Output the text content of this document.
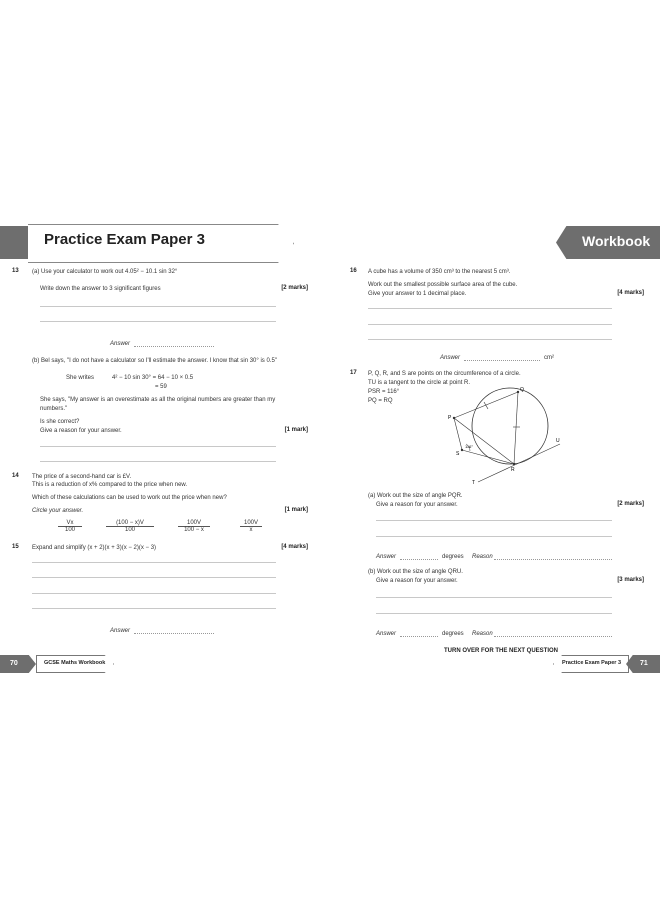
Practice Exam Paper 3	Workbook
13 (a) Use your calculator to work out 4.05² − 10.1 sin 32°
Write down the answer to 3 significant figures	[2 marks]
Answer
(b) Bel says, "I do not have a calculator so I'll estimate the answer. I know that sin 30° is 0.5"
She writes	4² − 10 sin 30° = 64 − 10 × 0.5
= 59
She says, "My answer is an overestimate as all the original numbers are greater than my
numbers."
Is she correct?
Give a reason for your answer.	[1 mark]
14 The price of a second-hand car is £V.
This is a reduction of x% compared to the price when new.
Which of these calculations can be used to work out the price when new?
Circle your answer.	[1 mark]
$\frac{Vx}{100}$	$\frac{(100 - x)V}{100}$	$\frac{100V}{100 - x}$	$\frac{100V}{x}$
15 Expand and simplify (x + 2)(x + 3)(x − 2)(x − 3)	[4 marks]
Answer
70	GCSE Maths Workbook
16 A cube has a volume of 350 cm³ to the nearest 5 cm³.
Work out the smallest possible surface area of the cube.
Give your answer to 1 decimal place.	[4 marks]
Answer	cm²
17 P, Q, R, and S are points on the circumference of a circle.
TU is a tangent to the circle at point R.
PSR = 116°
PQ = RQ
Q
P
S
R
U
T
116°
(a) Work out the size of angle PQR.
Give a reason for your answer.	[2 marks]
Answer	degrees Reason
(b) Work out the size of angle QRU.
Give a reason for your answer.	[3 marks]
Answer	degrees Reason
TURN OVER FOR THE NEXT QUESTION
Practice Exam Paper 3	71
